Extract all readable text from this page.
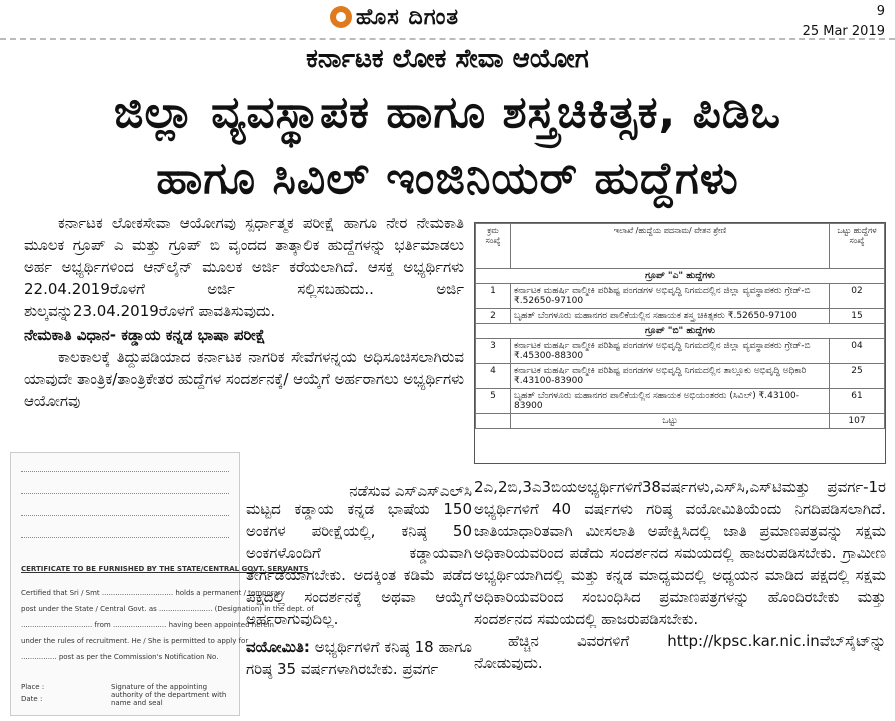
ಹೊಸ ದಿಗಂತ	9
25 Mar 2019
ಕರ್ನಾಟಕ ಲೋಕ ಸೇವಾ ಆಯೋಗ
ಜಿಲ್ಲಾ ವ್ಯವಸ್ಥಾಪಕ ಹಾಗೂ ಶಸ್ತ್ರಚಿಕಿತ್ಸಕ, ಪಿಡಿಒ
ಹಾಗೂ ಸಿವಿಲ್ ಇಂಜಿನಿಯರ್ ಹುದ್ದೆಗಳು

ಕರ್ನಾಟಕ ಲೋಕಸೇವಾ ಆಯೋಗವು ಸ್ಪರ್ಧಾತ್ಮಕ ಪರೀಕ್ಷೆ ಹಾಗೂ ನೇರ ನೇಮಕಾತಿ ಮೂಲಕ ಗ್ರೂಪ್ ಎ ಮತ್ತು ಗ್ರೂಪ್ ಬಿ ವೃಂದದ ತಾತ್ಕಾಲಿಕ ಹುದ್ದೆಗಳನ್ನು ಭರ್ತಿಮಾಡಲು ಅರ್ಹ ಅಭ್ಯರ್ಥಿಗಳಿಂದ ಆನ್‌ಲೈನ್ ಮೂಲಕ ಅರ್ಜಿ ಕರೆಯಲಾಗಿದೆ. ಆಸಕ್ತ ಅಭ್ಯರ್ಥಿಗಳು 22.04.2019ರೊಳಗೆ ಅರ್ಜಿ ಸಲ್ಲಿಸಬಹುದು.. ಅರ್ಜಿ ಶುಲ್ಕವನ್ನು23.04.2019ರೊಳಗೆ ಪಾವತಿಸುವುದು.

ನೇಮಕಾತಿ ವಿಧಾನ- ಕಡ್ಡಾಯ ಕನ್ನಡ ಭಾಷಾ ಪರೀಕ್ಷೆ

ಕಾಲಕಾಲಕ್ಕೆ ತಿದ್ದುಪಡಿಯಾದ ಕರ್ನಾಟಕ ನಾಗರಿಕ ಸೇವೆಗಳನ್ನಯ ಅಧಿಸೂಚಿಸಲಾಗಿರುವ ಯಾವುದೇ ತಾಂತ್ರಿಕ/ತಾಂತ್ರಿಕೇತರ ಹುದ್ದೆಗಳ ಸಂದರ್ಶನಕ್ಕೆ/ ಆಯ್ಕೆಗೆ ಅರ್ಹರಾಗಲು ಅಭ್ಯರ್ಥಿಗಳು ಆಯೋಗವು

CERTIFICATE TO BE FURNISHED BY THE STATE/CENTRAL GOVT. SERVANTS
Certified that Sri / Smt ................................ holds a permanent / temporary
post under the State / Central Govt. as ........................ (Designation) in the dept. of
................................ from ........................ having been appointed herein
under the rules of recruitment. He / She is permitted to apply for
................ post as per the Commission's Notification No.
Place :
Date :
Signature of the appointing authority of the department with name and seal
ನಡೆಸುವ ಎಸ್‌ಎಸ್‌ಎಲ್‌ಸಿ

ಮಟ್ಟದ ಕಡ್ಡಾಯ ಕನ್ನಡ ಭಾಷೆಯ 150 ಅಂಕಗಳ ಪರೀಕ್ಷೆಯಲ್ಲಿ, ಕನಿಷ್ಠ 50 ಅಂಕಗಳೊಂದಿಗೆ ಕಡ್ಡಾಯವಾಗಿ ತೇರ್ಗಡೆಯಾಗಬೇಕು. ಅದಕ್ಕಿಂತ ಕಡಿಮೆ ಪಡೆದ ಪಕ್ಷದಲ್ಲಿ ಸಂದರ್ಶನಕ್ಕೆ ಅಥವಾ ಆಯ್ಕೆಗೆ ಅರ್ಹರಾಗುವುದಿಲ್ಲ.

ವಯೋಮಿತಿ: ಅಭ್ಯರ್ಥಿಗಳಿಗೆ ಕನಿಷ್ಠ 18 ಹಾಗೂ ಗರಿಷ್ಠ 35 ವರ್ಷಗಳಾಗಿರಬೇಕು. ಪ್ರವರ್ಗ

ಕ್ರಮ ಸಂಖ್ಯೆ	ಇಲಾಖೆ /ಹುದ್ದೆಯ ಪದನಾಮ/ ವೇತನ ಶ್ರೇಣಿ	ಒಟ್ಟು ಹುದ್ದೆಗಳ ಸಂಖ್ಯೆ
ಗ್ರೂಪ್ "ಎ" ಹುದ್ದೆಗಳು		
1	ಕರ್ನಾಟಕ ಮಹರ್ಷಿ ವಾಲ್ಮೀಕಿ ಪರಿಶಿಷ್ಟ ಪಂಗಡಗಳ ಅಭಿವೃದ್ಧಿ ನಿಗಮದಲ್ಲಿನ ಜಿಲ್ಲಾ ವ್ಯವಸ್ಥಾಪಕರು ಗ್ರೇಡ್-ಬಿ ₹.52650-97100	02
2	ಬೃಹತ್ ಬೆಂಗಳೂರು ಮಹಾನಗರ ಪಾಲಿಕೆಯಲ್ಲಿನ ಸಹಾಯಕ ಶಸ್ತ್ರ ಚಿಕಿತ್ಸಕರು ₹.52650-97100	15
ಗ್ರೂಪ್ "ಬಿ" ಹುದ್ದೆಗಳು		
3	ಕರ್ನಾಟಕ ಮಹರ್ಷಿ ವಾಲ್ಮೀಕಿ ಪರಿಶಿಷ್ಟ ಪಂಗಡಗಳ ಅಭಿವೃದ್ಧಿ ನಿಗಮದಲ್ಲಿನ ಜಿಲ್ಲಾ ವ್ಯವಸ್ಥಾಪಕರು ಗ್ರೇಡ್-ಬಿ ₹.45300-88300	04
4	ಕರ್ನಾಟಕ ಮಹರ್ಷಿ ವಾಲ್ಮೀಕಿ ಪರಿಶಿಷ್ಟ ಪಂಗಡಗಳ ಅಭಿವೃದ್ಧಿ ನಿಗಮದಲ್ಲಿನ ತಾಲ್ಲೂಕು ಅಭಿವೃದ್ಧಿ ಅಧಿಕಾರಿ ₹.43100-83900	25
5	ಬೃಹತ್ ಬೆಂಗಳೂರು ಮಹಾನಗರ ಪಾಲಿಕೆಯಲ್ಲಿನ ಸಹಾಯಕ ಅಭಿಯಂತರರು (ಸಿವಿಲ್) ₹.43100-83900	61
	ಒಟ್ಟು	107

2ಎ,2ಬಿ,3ಎ3ಬಿಯಅಭ್ಯರ್ಥಿಗಳಿಗೆ38ವರ್ಷಗಳು,ಎಸ್‌ಸಿ,ಎಸ್‌ಟಿಮತ್ತು ಪ್ರವರ್ಗ-1ರ ಅಭ್ಯರ್ಥಿಗಳಿಗೆ 40 ವರ್ಷಗಳು ಗರಿಷ್ಠ ವಯೋಮಿತಿಯೆಂದು ನಿಗದಿಪಡಿಸಲಾಗಿದೆ. ಜಾತಿಯಾಧಾರಿತವಾಗಿ ಮೀಸಲಾತಿ ಅಪೇಕ್ಷಿಸಿದಲ್ಲಿ ಜಾತಿ ಪ್ರಮಾಣಪತ್ರವನ್ನು ಸಕ್ಷಮ ಅಧಿಕಾರಿಯವರಿಂದ ಪಡೆದು ಸಂದರ್ಶನದ ಸಮಯದಲ್ಲಿ ಹಾಜರುಪಡಿಸಬೇಕು. ಗ್ರಾಮೀಣ ಅಭ್ಯರ್ಥಿಯಾಗಿದಲ್ಲಿ ಮತ್ತು ಕನ್ನಡ ಮಾಧ್ಯಮದಲ್ಲಿ ಅಧ್ಯಯನ ಮಾಡಿದ ಪಕ್ಷದಲ್ಲಿ ಸಕ್ಷಮ ಅಧಿಕಾರಿಯವರಿಂದ ಸಂಬಂಧಿಸಿದ ಪ್ರಮಾಣಪತ್ರಗಳನ್ನು ಹೊಂದಿರಬೇಕು ಮತ್ತು ಸಂದರ್ಶನದ ಸಮಯದಲ್ಲಿ ಹಾಜರುಪಡಿಸಬೇಕು.

ಹೆಚ್ಚಿನ ವಿವರಗಳಿಗೆ http://kpsc.kar.nic.inವೆಬ್‌ಸೈಟ್‌ನ್ನು ನೋಡುವುದು.
